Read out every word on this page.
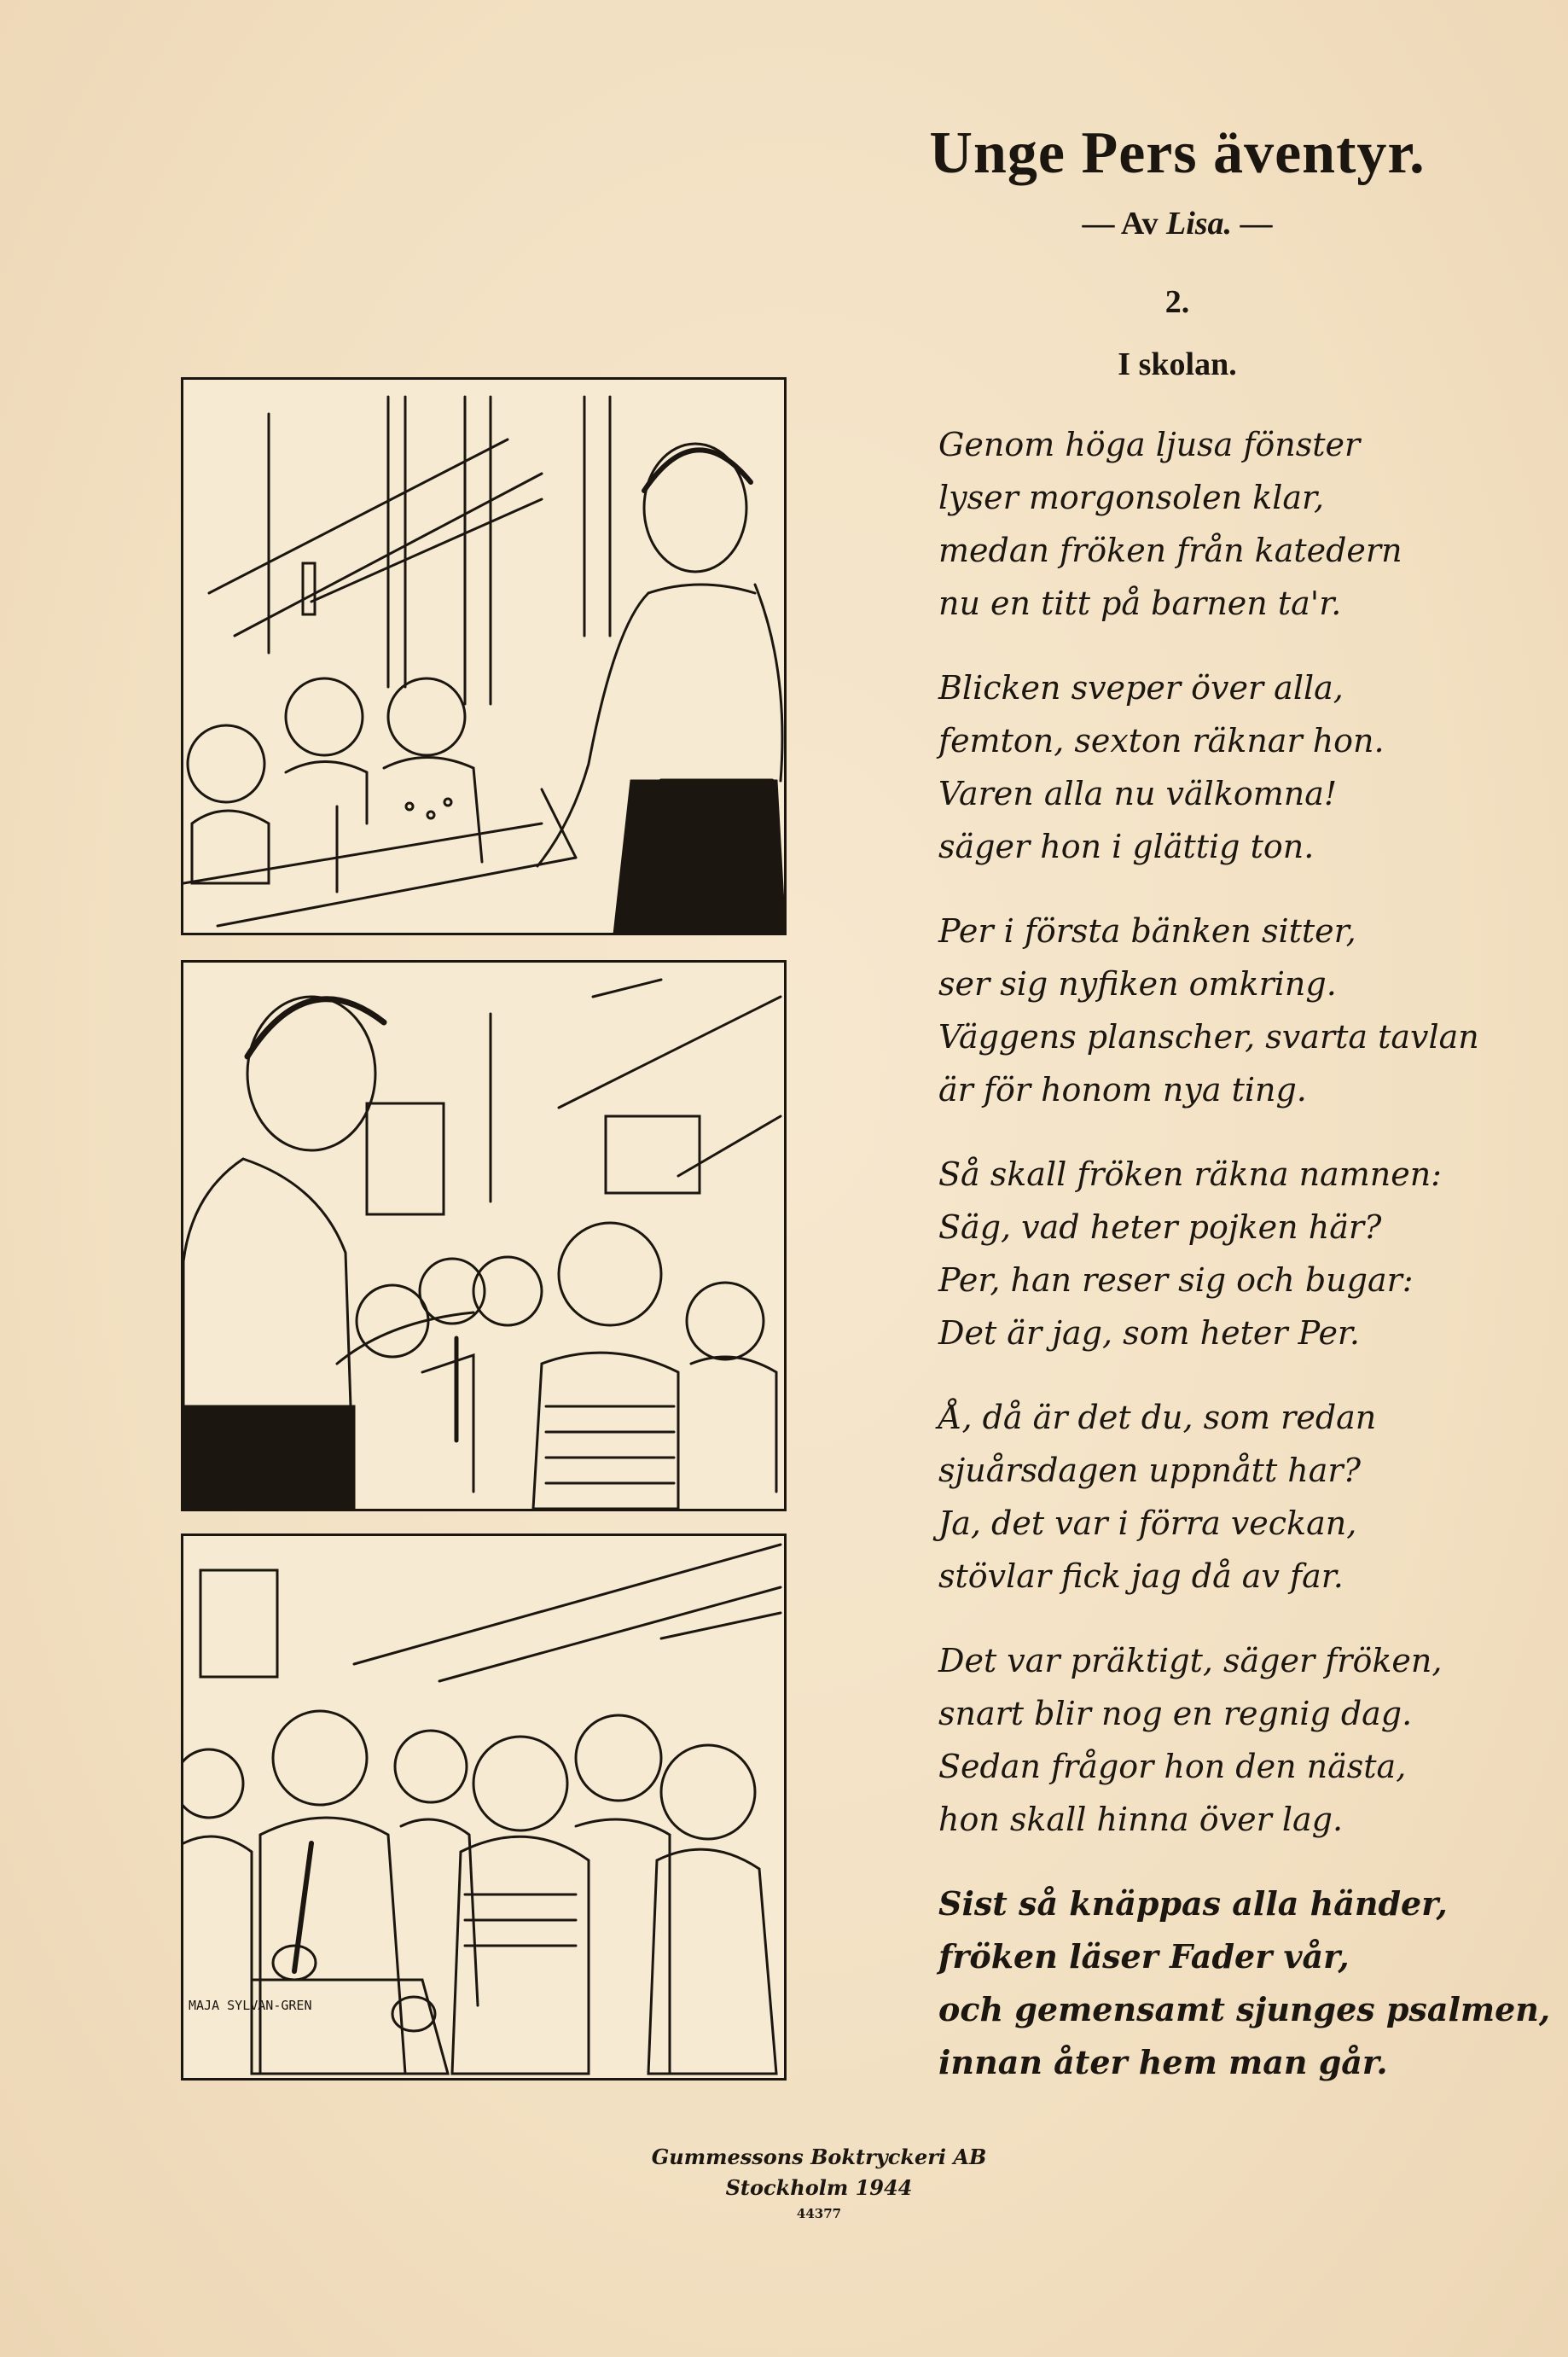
Unge Pers äventyr.
— Av Lisa. —
2.
I skolan.
Genom höga ljusa fönster
lyser morgonsolen klar,
medan fröken från katedern
nu en titt på barnen ta'r.
Blicken sveper över alla,
femton, sexton räknar hon.
Varen alla nu välkomna!
säger hon i glättig ton.
Per i första bänken sitter,
ser sig nyfiken omkring.
Väggens planscher, svarta tavlan
är för honom nya ting.
Så skall fröken räkna namnen:
Säg, vad heter pojken här?
Per, han reser sig och bugar:
Det är jag, som heter Per.
Å, då är det du, som redan
sjuårsdagen uppnått har?
Ja, det var i förra veckan,
stövlar fick jag då av far.
Det var präktigt, säger fröken,
snart blir nog en regnig dag.
Sedan frågor hon den nästa,
hon skall hinna över lag.
Sist så knäppas alla händer,
fröken läser Fader vår,
och gemensamt sjunges psalmen,
innan åter hem man går.
MAJA SYLVAN-GREN
Gummessons Boktryckeri AB
Stockholm 1944
44377
